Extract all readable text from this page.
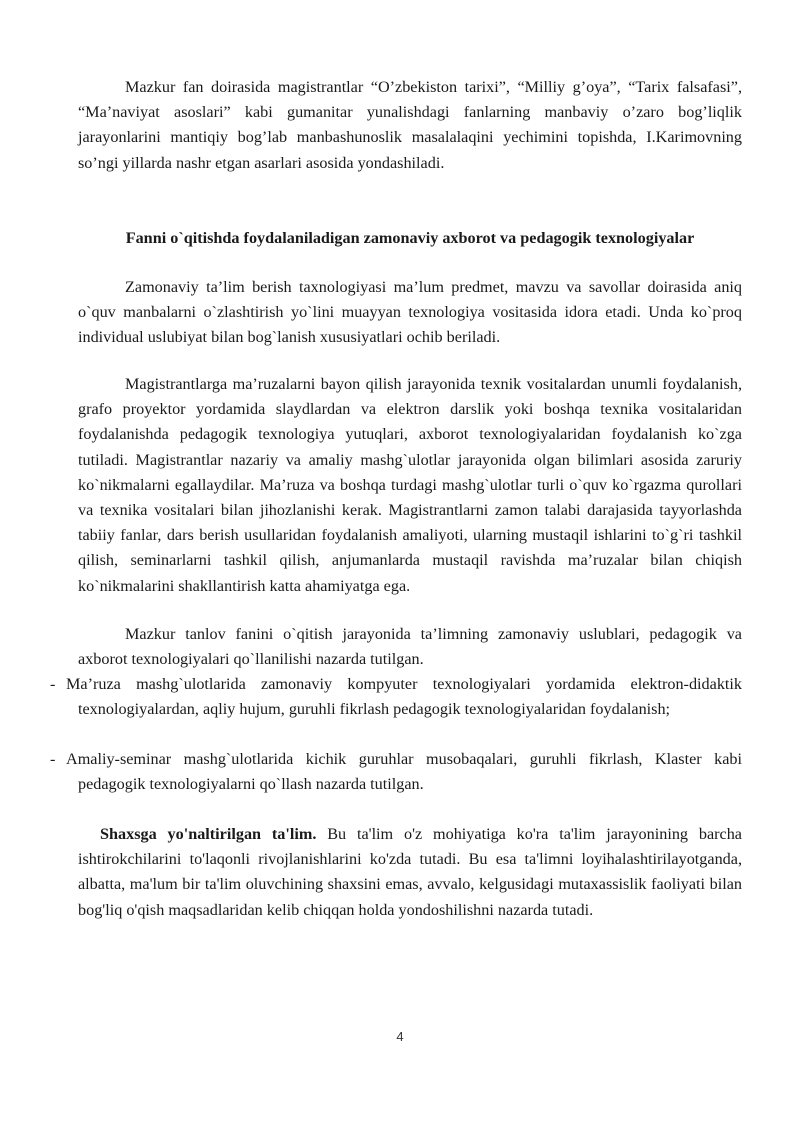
Mazkur fan doirasida magistrantlar “O’zbekiston tarixi”, “Milliy g’oya”, “Tarix falsafasi”, “Ma’naviyat asoslari” kabi gumanitar yunalishdagi fanlarning manbaviy o’zaro bog’liqlik jarayonlarini mantiqiy bog’lab manbashunoslik masalalaqini yechimini topishda, I.Karimovning so’ngi yillarda nashr etgan asarlari asosida yondashiladi.

Fanni o`qitishda foydalaniladigan zamonaviy axborot va pedagogik texnologiyalar

Zamonaviy ta’lim berish taxnologiyasi ma’lum predmet, mavzu va savollar doirasida aniq o`quv manbalarni o`zlashtirish yo`lini muayyan texnologiya vositasida idora etadi. Unda ko`proq individual uslubiyat bilan bog`lanish xususiyatlari ochib beriladi.

Magistrantlarga ma’ruzalarni bayon qilish jarayonida texnik vositalardan unumli foydalanish, grafo proyektor yordamida slaydlardan va elektron darslik yoki boshqa texnika vositalaridan foydalanishda pedagogik texnologiya yutuqlari, axborot texnologiyalaridan foydalanish ko`zga tutiladi. Magistrantlar nazariy va amaliy mashg`ulotlar jarayonida olgan bilimlari asosida zaruriy ko`nikmalarni egallaydilar. Ma’ruza va boshqa turdagi mashg`ulotlar turli o`quv ko`rgazma qurollari va texnika vositalari bilan jihozlanishi kerak. Magistrantlarni zamon talabi darajasida tayyorlashda tabiiy fanlar, dars berish usullaridan foydalanish amaliyoti, ularning mustaqil ishlarini to`g`ri tashkil qilish, seminarlarni tashkil qilish, anjumanlarda mustaqil ravishda ma’ruzalar bilan chiqish ko`nikmalarini shakllantirish katta ahamiyatga ega.

Mazkur tanlov fanini o`qitish jarayonida ta’limning zamonaviy uslublari, pedagogik va axborot texnologiyalari qo`llanilishi nazarda tutilgan.

- Ma’ruza mashg`ulotlarida zamonaviy kompyuter texnologiyalari yordamida elektron-didaktik texnologiyalardan, aqliy hujum, guruhli fikrlash pedagogik texnologiyalaridan foydalanish;
- Amaliy-seminar mashg`ulotlarida kichik guruhlar musobaqalari, guruhli fikrlash, Klaster kabi pedagogik texnologiyalarni qo`llash nazarda tutilgan.

Shaxsga yo'naltirilgan ta'lim. Bu ta'lim o'z mohiyatiga ko'ra ta'lim jarayonining barcha ishtirokchilarini to'laqonli rivojlanishlarini ko'zda tutadi. Bu esa ta'limni loyihalashtirilayotganda, albatta, ma'lum bir ta'lim oluvchining shaxsini emas, avvalo, kelgusidagi mutaxassislik faoliyati bilan bog'liq o'qish maqsadlaridan kelib chiqqan holda yondoshilishni nazarda tutadi.

4
